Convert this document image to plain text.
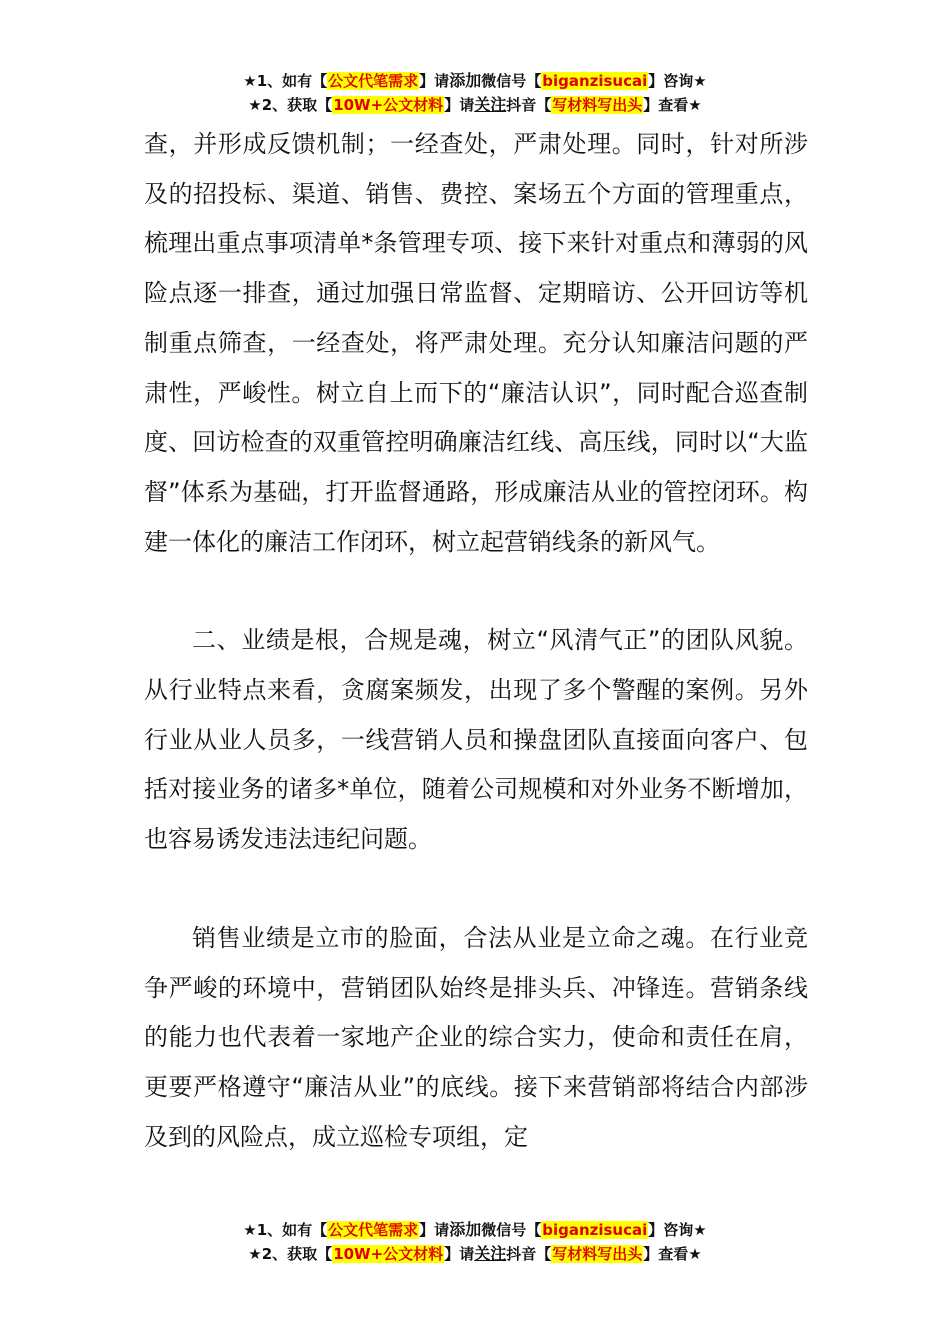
★1、如有【公文代笔需求】请添加微信号【biganzisucai】咨询★
★2、获取【10W+公文材料】请关注抖音【写材料写出头】查看★

查，并形成反馈机制；一经查处，严肃处理。同时，针对所涉及的招投标、渠道、销售、费控、案场五个方面的管理重点，梳理出重点事项清单*条管理专项、接下来针对重点和薄弱的风险点逐一排查，通过加强日常监督、定期暗访、公开回访等机制重点筛查，一经查处，将严肃处理。充分认知廉洁问题的严肃性，严峻性。树立自上而下的“廉洁认识”，同时配合巡查制度、回访检查的双重管控明确廉洁红线、高压线，同时以“大监督”体系为基础，打开监督通路，形成廉洁从业的管控闭环。构建一体化的廉洁工作闭环，树立起营销线条的新风气。

二、业绩是根，合规是魂，树立“风清气正”的团队风貌。从行业特点来看，贪腐案频发，出现了多个警醒的案例。另外行业从业人员多，一线营销人员和操盘团队直接面向客户、包括对接业务的诸多*单位，随着公司规模和对外业务不断增加，也容易诱发违法违纪问题。

销售业绩是立市的脸面，合法从业是立命之魂。在行业竞争严峻的环境中，营销团队始终是排头兵、冲锋连。营销条线的能力也代表着一家地产企业的综合实力，使命和责任在肩，更要严格遵守“廉洁从业”的底线。接下来营销部将结合内部涉及到的风险点，成立巡检专项组，定

★1、如有【公文代笔需求】请添加微信号【biganzisucai】咨询★
★2、获取【10W+公文材料】请关注抖音【写材料写出头】查看★
